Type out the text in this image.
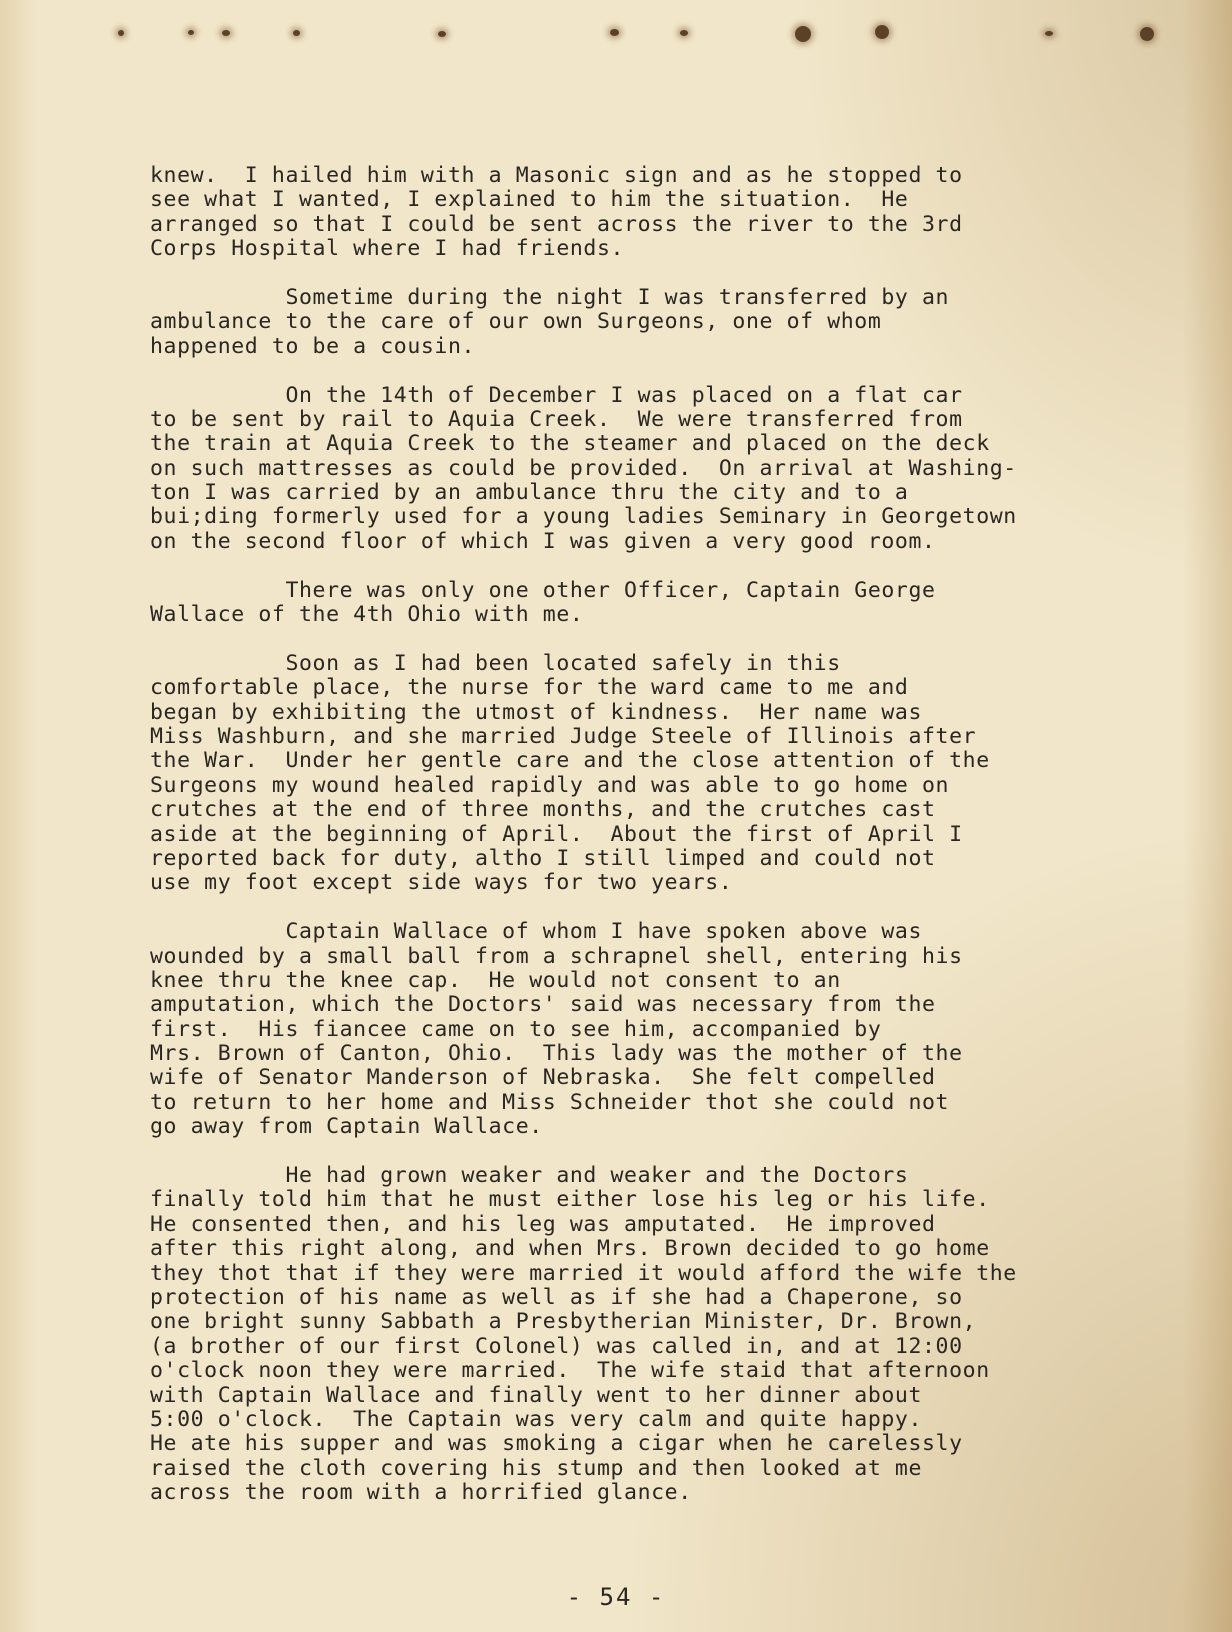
knew.  I hailed him with a Masonic sign and as he stopped to
see what I wanted, I explained to him the situation.  He
arranged so that I could be sent across the river to the 3rd
Corps Hospital where I had friends.
Sometime during the night I was transferred by an
ambulance to the care of our own Surgeons, one of whom
happened to be a cousin.
On the 14th of December I was placed on a flat car
to be sent by rail to Aquia Creek.  We were transferred from
the train at Aquia Creek to the steamer and placed on the deck
on such mattresses as could be provided.  On arrival at Washing-
ton I was carried by an ambulance thru the city and to a
bui;ding formerly used for a young ladies Seminary in Georgetown
on the second floor of which I was given a very good room.
There was only one other Officer, Captain George
Wallace of the 4th Ohio with me.
Soon as I had been located safely in this
comfortable place, the nurse for the ward came to me and
began by exhibiting the utmost of kindness.  Her name was
Miss Washburn, and she married Judge Steele of Illinois after
the War.  Under her gentle care and the close attention of the
Surgeons my wound healed rapidly and was able to go home on
crutches at the end of three months, and the crutches cast
aside at the beginning of April.  About the first of April I
reported back for duty, altho I still limped and could not
use my foot except side ways for two years.
Captain Wallace of whom I have spoken above was
wounded by a small ball from a schrapnel shell, entering his
knee thru the knee cap.  He would not consent to an
amputation, which the Doctors' said was necessary from the
first.  His fiancee came on to see him, accompanied by
Mrs. Brown of Canton, Ohio.  This lady was the mother of the
wife of Senator Manderson of Nebraska.  She felt compelled
to return to her home and Miss Schneider thot she could not
go away from Captain Wallace.
He had grown weaker and weaker and the Doctors
finally told him that he must either lose his leg or his life.
He consented then, and his leg was amputated.  He improved
after this right along, and when Mrs. Brown decided to go home
they thot that if they were married it would afford the wife the
protection of his name as well as if she had a Chaperone, so
one bright sunny Sabbath a Presbytherian Minister, Dr. Brown,
(a brother of our first Colonel) was called in, and at 12:00
o'clock noon they were married.  The wife staid that afternoon
with Captain Wallace and finally went to her dinner about
5:00 o'clock.  The Captain was very calm and quite happy.
He ate his supper and was smoking a cigar when he carelessly
raised the cloth covering his stump and then looked at me
across the room with a horrified glance.
- 54 -
